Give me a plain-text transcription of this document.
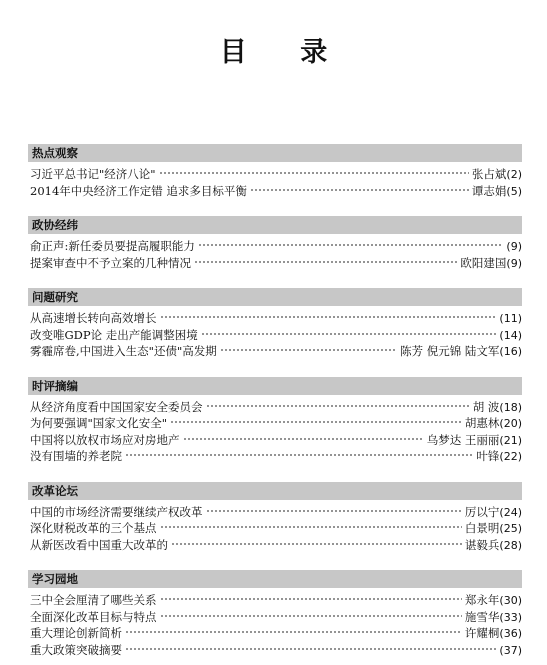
目 录
热点观察
习近平总书记"经济八论"	张占斌 (2)
2014年中央经济工作定错 追求多目标平衡	谭志娟 (5)
政协经纬
俞正声:新任委员要提高履职能力	(9)
提案审查中不予立案的几种情况	欧阳建国 (9)
问题研究
从高速增长转向高效增长	(11)
改变唯GDP论 走出产能调整困境	(14)
雾霾席卷,中国进入生态"还债"高发期	陈芳 倪元锦 陆文军 (16)
时评摘编
从经济角度看中国国家安全委员会	胡 波 (18)
为何要强调"国家文化安全"	胡惠林 (20)
中国将以放权市场应对房地产	乌梦达 王丽丽 (21)
没有围墙的养老院	叶锋 (22)
改革论坛
中国的市场经济需要继续产权改革	厉以宁 (24)
深化财税改革的三个基点	白景明 (25)
从新医改看中国重大改革的	谌毅兵 (28)
学习园地
三中全会厘清了哪些关系	郑永年 (30)
全面深化改革目标与特点	施雪华 (33)
重大理论创新简析	许耀桐 (36)
重大政策突破摘要	(37)
